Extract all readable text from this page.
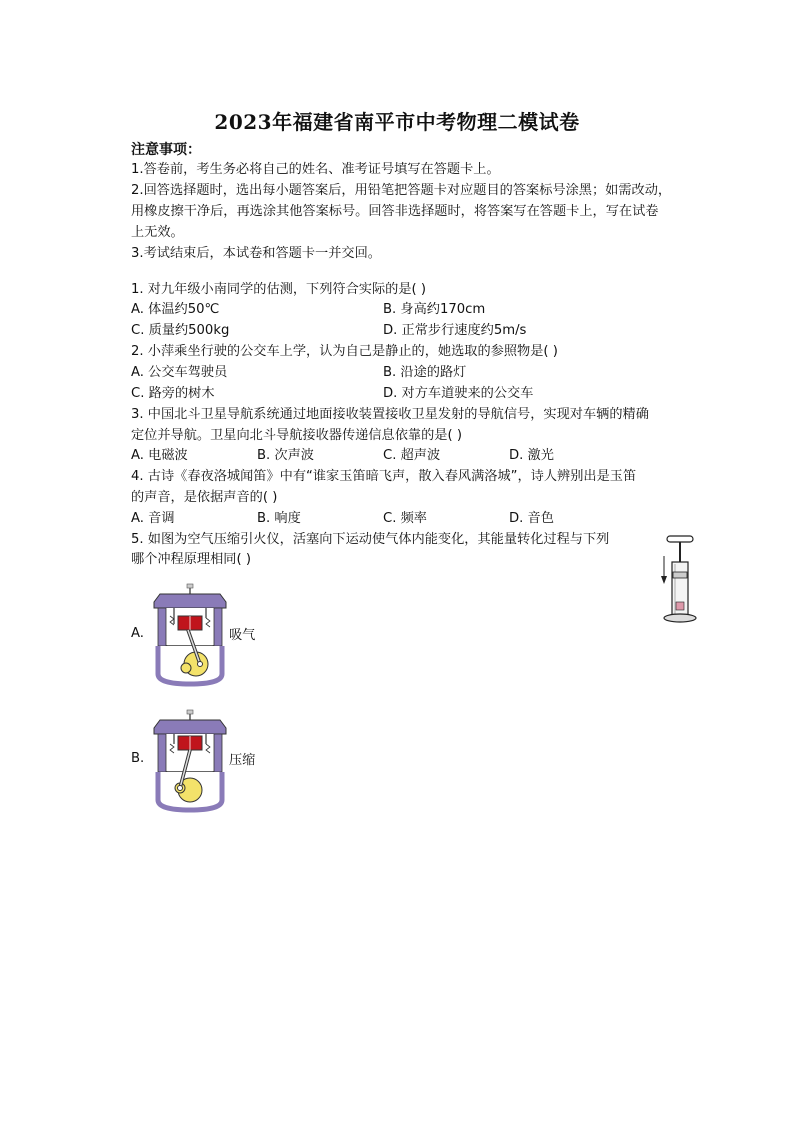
2023年福建省南平市中考物理二模试卷
注意事项：
1.答卷前，考生务必将自己的姓名、准考证号填写在答题卡上。
2.回答选择题时，选出每小题答案后，用铅笔把答题卡对应题目的答案标号涂黑；如需改动，
用橡皮擦干净后，再选涂其他答案标号。回答非选择题时，将答案写在答题卡上，写在试卷
上无效。
3.考试结束后，本试卷和答题卡一并交回。
1. 对九年级小南同学的估测，下列符合实际的是( )
A. 体温约50℃	B. 身高约170cm
C. 质量约500kg	D. 正常步行速度约5m/s
2. 小萍乘坐行驶的公交车上学，认为自己是静止的，她选取的参照物是( )
A. 公交车驾驶员	B. 沿途的路灯
C. 路旁的树木	D. 对方车道驶来的公交车
3. 中国北斗卫星导航系统通过地面接收装置接收卫星发射的导航信号，实现对车辆的精确
定位并导航。卫星向北斗导航接收器传递信息依靠的是( )
A. 电磁波	B. 次声波	C. 超声波	D. 激光
4. 古诗《春夜洛城闻笛》中有“谁家玉笛暗飞声，散入春风满洛城”，诗人辨别出是玉笛
的声音，是依据声音的( )
A. 音调	B. 响度	C. 频率	D. 音色
5. 如图为空气压缩引火仪，活塞向下运动使气体内能变化，其能量转化过程与下列
哪个冲程原理相同( )
A.	吸气
B.	压缩
